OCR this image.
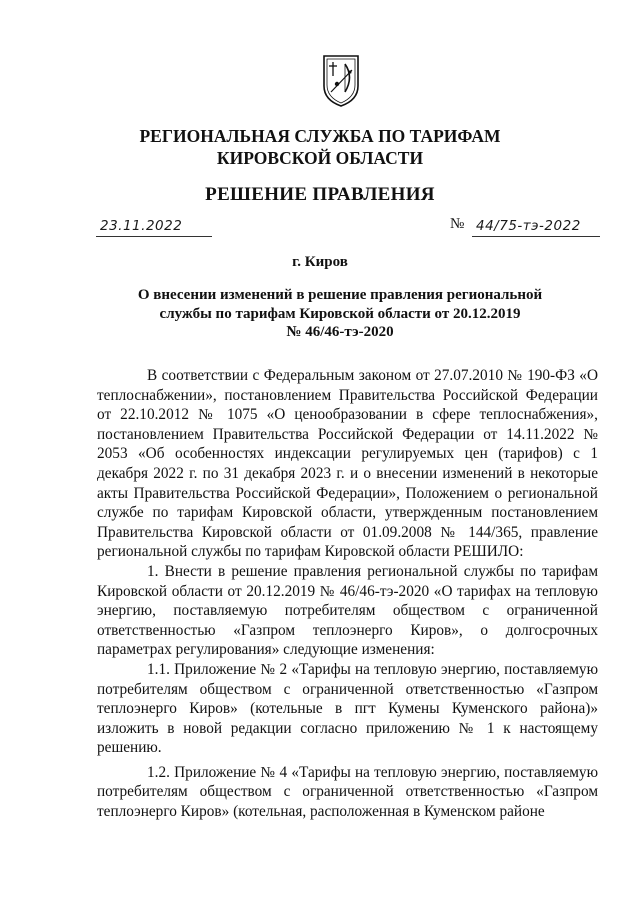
РЕГИОНАЛЬНАЯ СЛУЖБА ПО ТАРИФАМ
КИРОВСКОЙ ОБЛАСТИ
РЕШЕНИЕ ПРАВЛЕНИЯ
23.11.2022	№ 44/75-тэ-2022
г. Киров
О внесении изменений в решение правления региональной
службы по тарифам Кировской области от 20.12.2019
№ 46/46-тэ-2020

В соответствии с Федеральным законом от 27.07.2010 № 190-ФЗ «О теплоснабжении», постановлением Правительства Российской Федерации от 22.10.2012 № 1075 «О ценообразовании в сфере теплоснабжения», постановлением Правительства Российской Федерации от 14.11.2022 № 2053 «Об особенностях индексации регулируемых цен (тарифов) с 1 декабря 2022 г. по 31 декабря 2023 г. и о внесении изменений в некоторые акты Правительства Российской Федерации», Положением о региональной службе по тарифам Кировской области, утвержденным постановлением Правительства Кировской области от 01.09.2008 № 144/365, правление региональной службы по тарифам Кировской области РЕШИЛО:

1. Внести в решение правления региональной службы по тарифам Кировской области от 20.12.2019 № 46/46-тэ-2020 «О тарифах на тепловую энергию, поставляемую потребителям обществом с ограниченной ответственностью «Газпром теплоэнерго Киров», о долгосрочных параметрах регулирования» следующие изменения:

1.1. Приложение № 2 «Тарифы на тепловую энергию, поставляемую потребителям обществом с ограниченной ответственностью «Газпром теплоэнерго Киров» (котельные в пгт Кумены Куменского района)» изложить в новой редакции согласно приложению № 1 к настоящему решению.

1.2. Приложение № 4 «Тарифы на тепловую энергию, поставляемую потребителям обществом с ограниченной ответственностью «Газпром теплоэнерго Киров» (котельная, расположенная в Куменском районе
